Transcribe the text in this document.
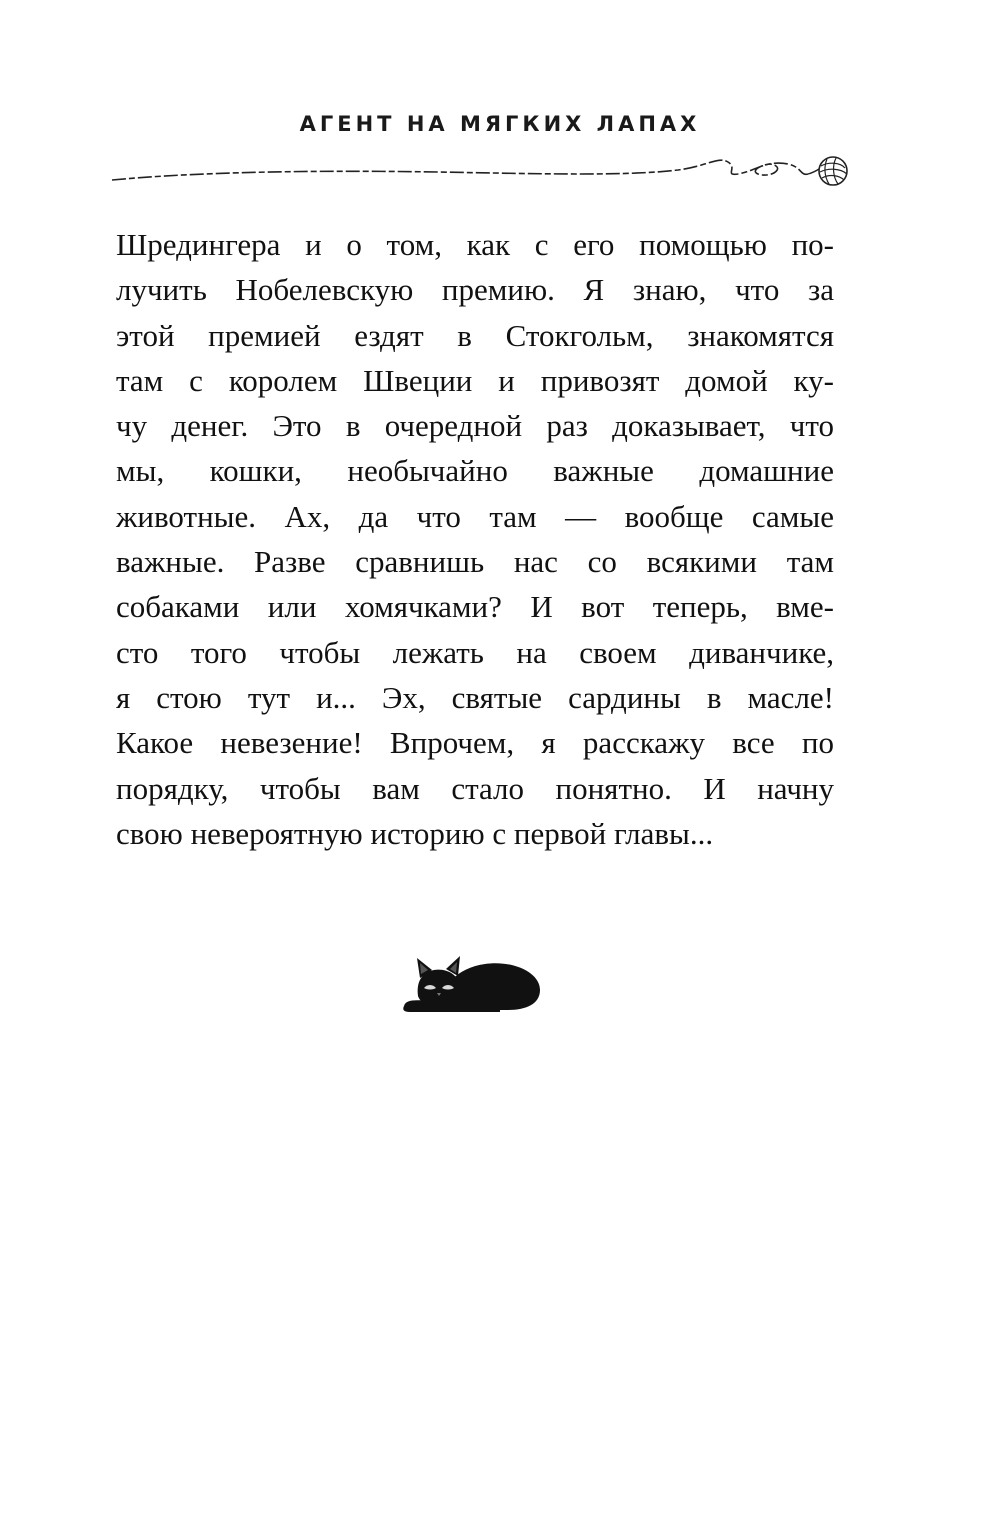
АГЕНТ НА МЯГКИХ ЛАПАХ
Шредингера и о том, как с его помощью по-
лучить Нобелевскую премию. Я знаю, что за
этой премией ездят в Стокгольм, знакомятся
там с королем Швеции и привозят домой ку-
чу денег. Это в очередной раз доказывает, что
мы, кошки, необычайно важные домашние
животные. Ах, да что там — вообще самые
важные. Разве сравнишь нас со всякими там
собаками или хомячками? И вот теперь, вме-
сто того чтобы лежать на своем диванчике,
я стою тут и... Эх, святые сардины в масле!
Какое невезение! Впрочем, я расскажу все по
порядку, чтобы вам стало понятно. И начну
свою невероятную историю с первой главы...
